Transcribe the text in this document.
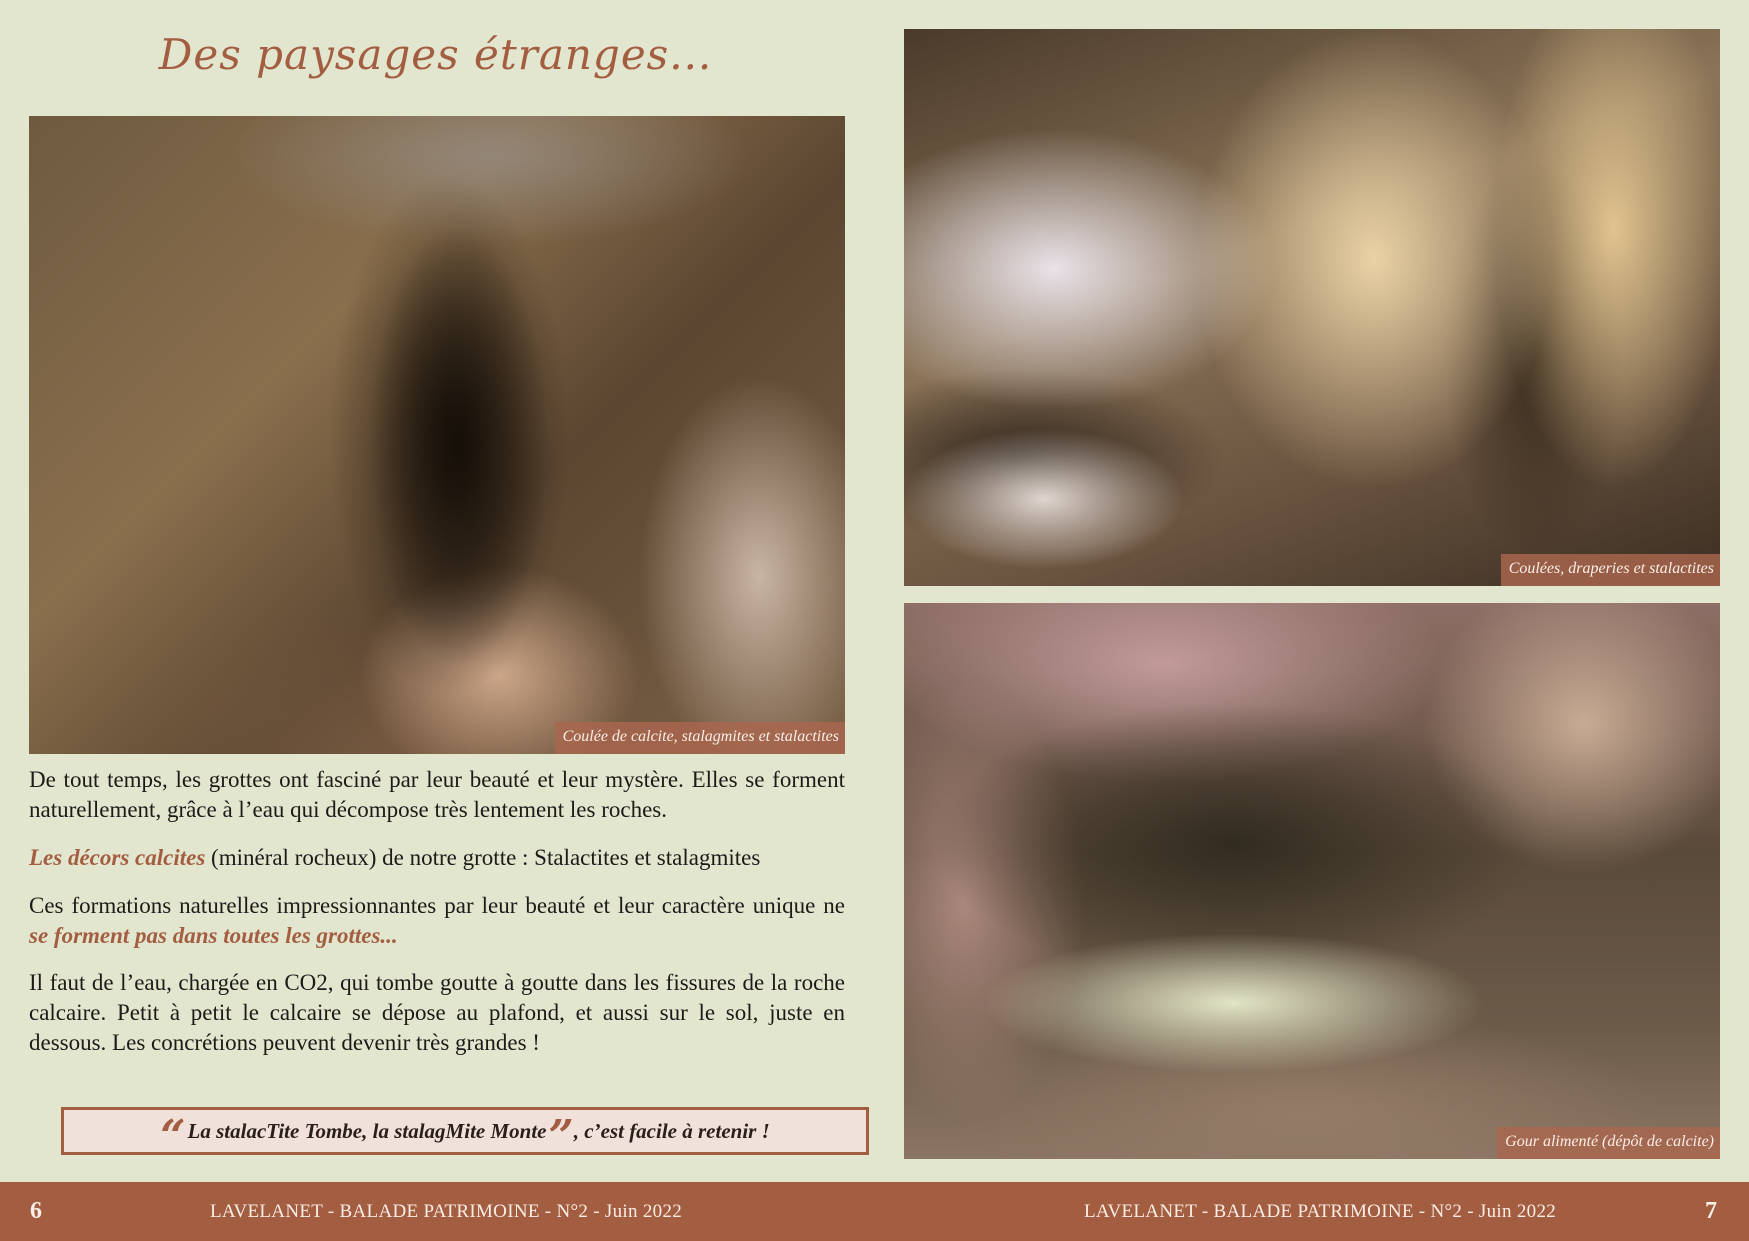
Des paysages étranges...
Coulée de calcite, stalagmites et stalactites
Coulées, draperies et stalactites
Gour alimenté (dépôt de calcite)

De tout temps, les grottes ont fasciné par leur beauté et leur mystère. Elles se forment naturellement, grâce à l’eau qui décompose très lentement les roches.

Les décors calcites (minéral rocheux) de notre grotte : Stalactites et stalagmites

Ces formations naturelles impressionnantes par leur beauté et leur caractère unique ne se forment pas dans toutes les grottes...

Il faut de l’eau, chargée en CO2, qui tombe goutte à goutte dans les fissures de la roche calcaire. Petit à petit le calcaire se dépose au plafond, et aussi sur le sol, juste en dessous. Les concrétions peuvent devenir très grandes !

“ La stalacTite Tombe, la stalagMite Monte ” , c’est facile à retenir !
6	LAVELANET - BALADE PATRIMOINE - N°2 - Juin 2022	LAVELANET - BALADE PATRIMOINE - N°2 - Juin 2022	7
